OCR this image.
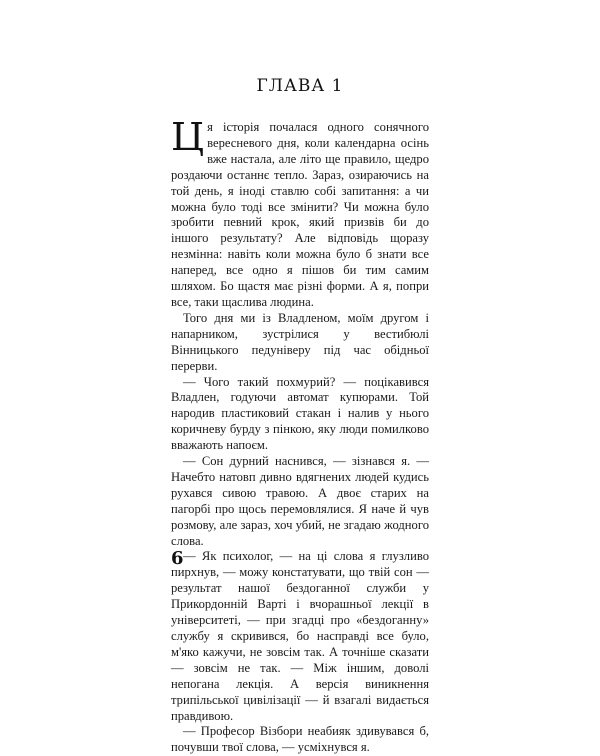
ГЛАВА 1

Ця історія почалася одного сонячного вересневого дня, коли календарна осінь вже настала, але літо ще правило, щедро роздаючи останнє тепло. Зараз, озираючись на той день, я іноді ставлю собі запитання: а чи можна було тоді все змінити? Чи можна було зробити певний крок, який призвів би до іншого результату? Але відповідь щоразу незмінна: навіть коли можна було б знати все наперед, все одно я пішов би тим самим шляхом. Бо щастя має різні форми. А я, попри все, таки щаслива людина.

Того дня ми із Владленом, моїм другом і напарником, зустрілися у вестибюлі Вінницького педуніверу під час обідньої перерви.

— Чого такий похмурий? — поцікавився Владлен, годуючи автомат купюрами. Той народив пластиковий стакан і налив у нього коричневу бурду з пінкою, яку люди помилково вважають напоєм.

— Сон дурний наснився, — зізнався я. — Начебто натовп дивно вдягнених людей кудись рухався сивою травою. А двоє старих на пагорбі про щось перемовлялися. Я наче й чув розмову, але зараз, хоч убий, не згадаю жодного слова.

— Як психолог, — на ці слова я глузливо пирхнув, — можу констатувати, що твій сон — результат нашої бездоганної служби у Прикордонній Варті і вчорашньої лекції в університеті, — при згадці про «бездоганну» службу я скривився, бо насправді все було, м'яко кажучи, не зовсім так. А точніше сказати — зовсім не так. — Між іншим, доволі непогана лекція. А версія виникнення трипільської цивілізації — й взагалі видається правдивою.

— Професор Візбори неабияк здивувався б, почувши твої слова, — усміхнувся я.

6
